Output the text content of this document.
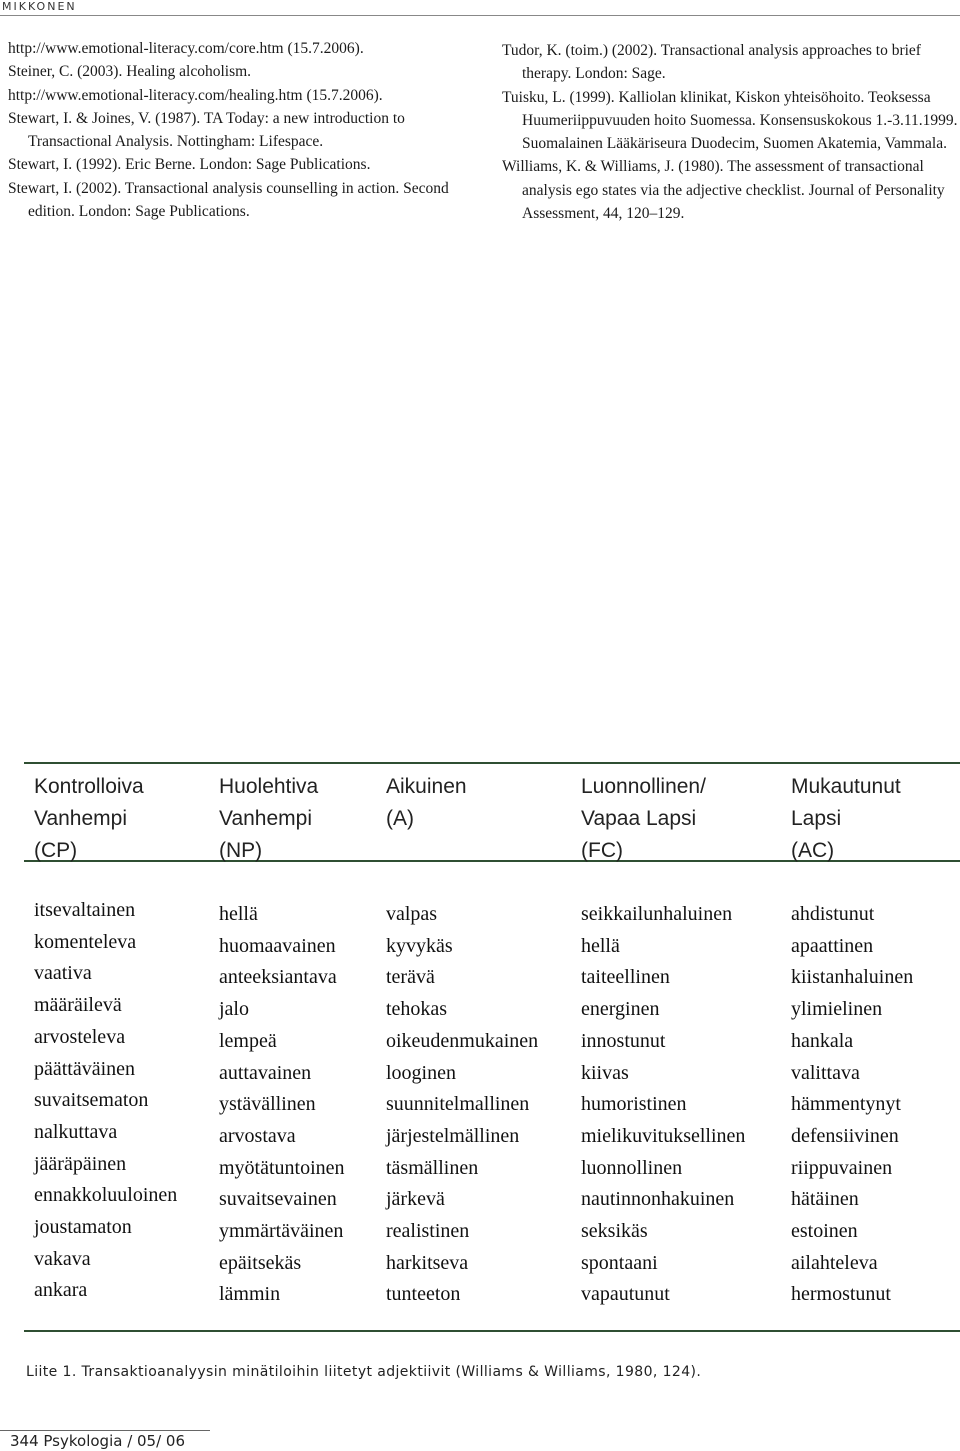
MIKKONEN
http://www.emotional-literacy.com/core.htm (15.7.2006).
Steiner, C. (2003). Healing alcoholism.
http://www.emotional-literacy.com/healing.htm (15.7.2006).
Stewart, I. & Joines, V. (1987). TA Today: a new introduction to Transactional Analysis. Nottingham: Lifespace.
Stewart, I. (1992). Eric Berne. London: Sage Publications.
Stewart, I. (2002). Transactional analysis counselling in action. Second edition. London: Sage Publications.
Tudor, K. (toim.) (2002). Transactional analysis approaches to brief therapy. London: Sage.
Tuisku, L. (1999). Kalliolan klinikat, Kiskon yhteisöhoito. Teoksessa Huumeriippuvuuden hoito Suomessa. Konsensuskokous 1.-3.11.1999. Suomalainen Lääkäriseura Duodecim, Suomen Akatemia, Vammala.
Williams, K. & Williams, J. (1980). The assessment of transactional analysis ego states via the adjective checklist. Journal of Personality Assessment, 44, 120–129.
Kontrolloiva
Vanhempi
(CP)
Huolehtiva
Vanhempi
(NP)
Aikuinen
(A)
Luonnollinen/
Vapaa Lapsi
(FC)
Mukautunut
Lapsi
(AC)
itsevaltainen
komenteleva
vaativa
määräilevä
arvosteleva
päättäväinen
suvaitsematon
nalkuttava
jääräpäinen
ennakkoluuloinen
joustamaton
vakava
ankara
hellä
huomaavainen
anteeksiantava
jalo
lempeä
auttavainen
ystävällinen
arvostava
myötätuntoinen
suvaitsevainen
ymmärtäväinen
epäitsekäs
lämmin
valpas
kyvykäs
terävä
tehokas
oikeudenmukainen
looginen
suunnitelmallinen
järjestelmällinen
täsmällinen
järkevä
realistinen
harkitseva
tunteeton
seikkailunhaluinen
hellä
taiteellinen
energinen
innostunut
kiivas
humoristinen
mielikuvituksellinen
luonnollinen
nautinnonhakuinen
seksikäs
spontaani
vapautunut
ahdistunut
apaattinen
kiistanhaluinen
ylimielinen
hankala
valittava
hämmentynyt
defensiivinen
riippuvainen
hätäinen
estoinen
ailahteleva
hermostunut
Liite 1. Transaktioanalyysin minätiloihin liitetyt adjektiivit (Williams & Williams, 1980, 124).
344 Psykologia / 05/ 06
